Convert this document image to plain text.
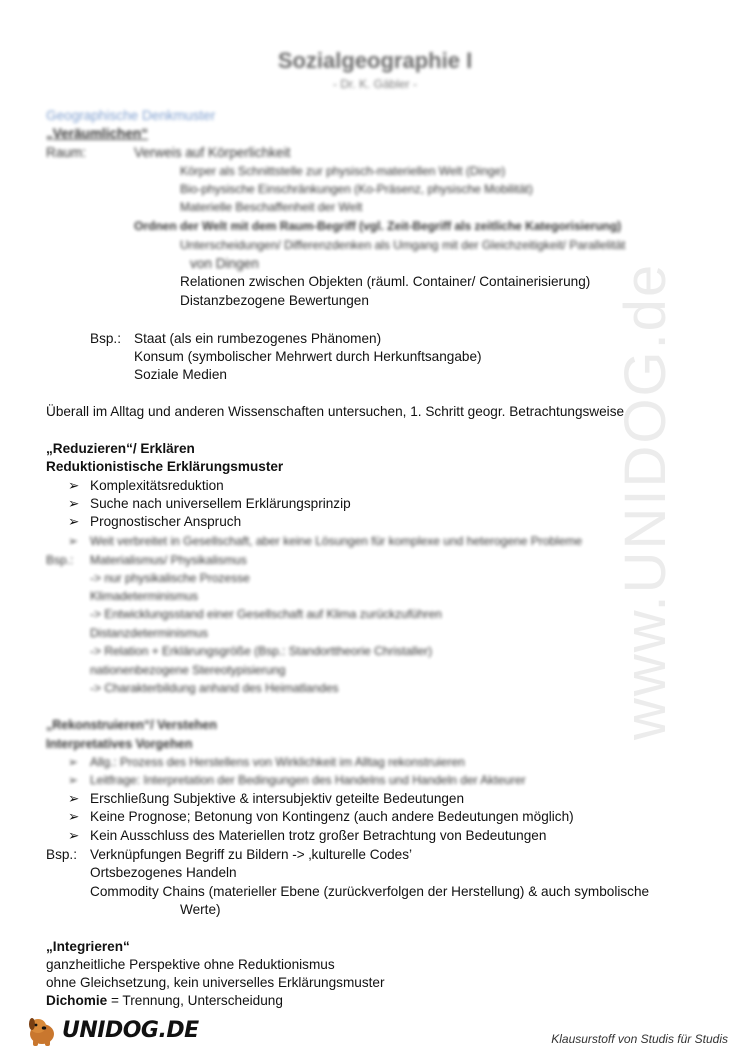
www.UNIDOG.de
Sozialgeographie I
- Dr. K. Gäbler -
Geographische Denkmuster
„Veräumlichen“
Raum:	Verweis auf Körperlichkeit
Körper als Schnittstelle zur physisch-materiellen Welt (Dinge)
Bio-physische Einschränkungen (Ko-Präsenz, physische Mobilität)
Materielle Beschaffenheit der Welt
Ordnen der Welt mit dem Raum-Begriff (vgl. Zeit-Begriff als zeitliche Kategorisierung)
Unterscheidungen/ Differenzdenken als Umgang mit der Gleichzeitigkeit/ Parallelität
von Dingen
Relationen zwischen Objekten (räuml. Container/ Containerisierung)
Distanzbezogene Bewertungen
Bsp.: Staat (als ein rumbezogenes Phänomen)
Konsum (symbolischer Mehrwert durch Herkunftsangabe)
Soziale Medien
Überall im Alltag und anderen Wissenschaften untersuchen, 1. Schritt geogr. Betrachtungsweise
„Reduzieren“/ Erklären
Reduktionistische Erklärungsmuster
➢ Komplexitätsreduktion
➢ Suche nach universellem Erklärungsprinzip
➢ Prognostischer Anspruch
➢ Weit verbreitet in Gesellschaft, aber keine Lösungen für komplexe und heterogene Probleme
Bsp.: Materialismus/ Physikalismus
-> nur physikalische Prozesse
Klimadeterminismus
-> Entwicklungsstand einer Gesellschaft auf Klima zurückzuführen
Distanzdeterminismus
-> Relation + Erklärungsgröße (Bsp.: Standorttheorie Christaller)
nationenbezogene Stereotypisierung
-> Charakterbildung anhand des Heimatlandes
„Rekonstruieren“/ Verstehen
Interpretatives Vorgehen
➢ Allg.: Prozess des Herstellens von Wirklichkeit im Alltag rekonstruieren
➢ Leitfrage: Interpretation der Bedingungen des Handelns und Handeln der Akteurer
➢ Erschließung Subjektive & intersubjektiv geteilte Bedeutungen
➢ Keine Prognose; Betonung von Kontingenz (auch andere Bedeutungen möglich)
➢ Kein Ausschluss des Materiellen trotz großer Betrachtung von Bedeutungen
Bsp.: Verknüpfungen Begriff zu Bildern -> ‚kulturelle Codes’
Ortsbezogenes Handeln
Commodity Chains (materieller Ebene (zurückverfolgen der Herstellung) & auch symbolische
Werte)
„Integrieren“
ganzheitliche Perspektive ohne Reduktionismus
ohne Gleichsetzung, kein universelles Erklärungsmuster
Dichomie = Trennung, Unterscheidung
UNIDOG.DE	Klausurstoff von Studis für Studis
